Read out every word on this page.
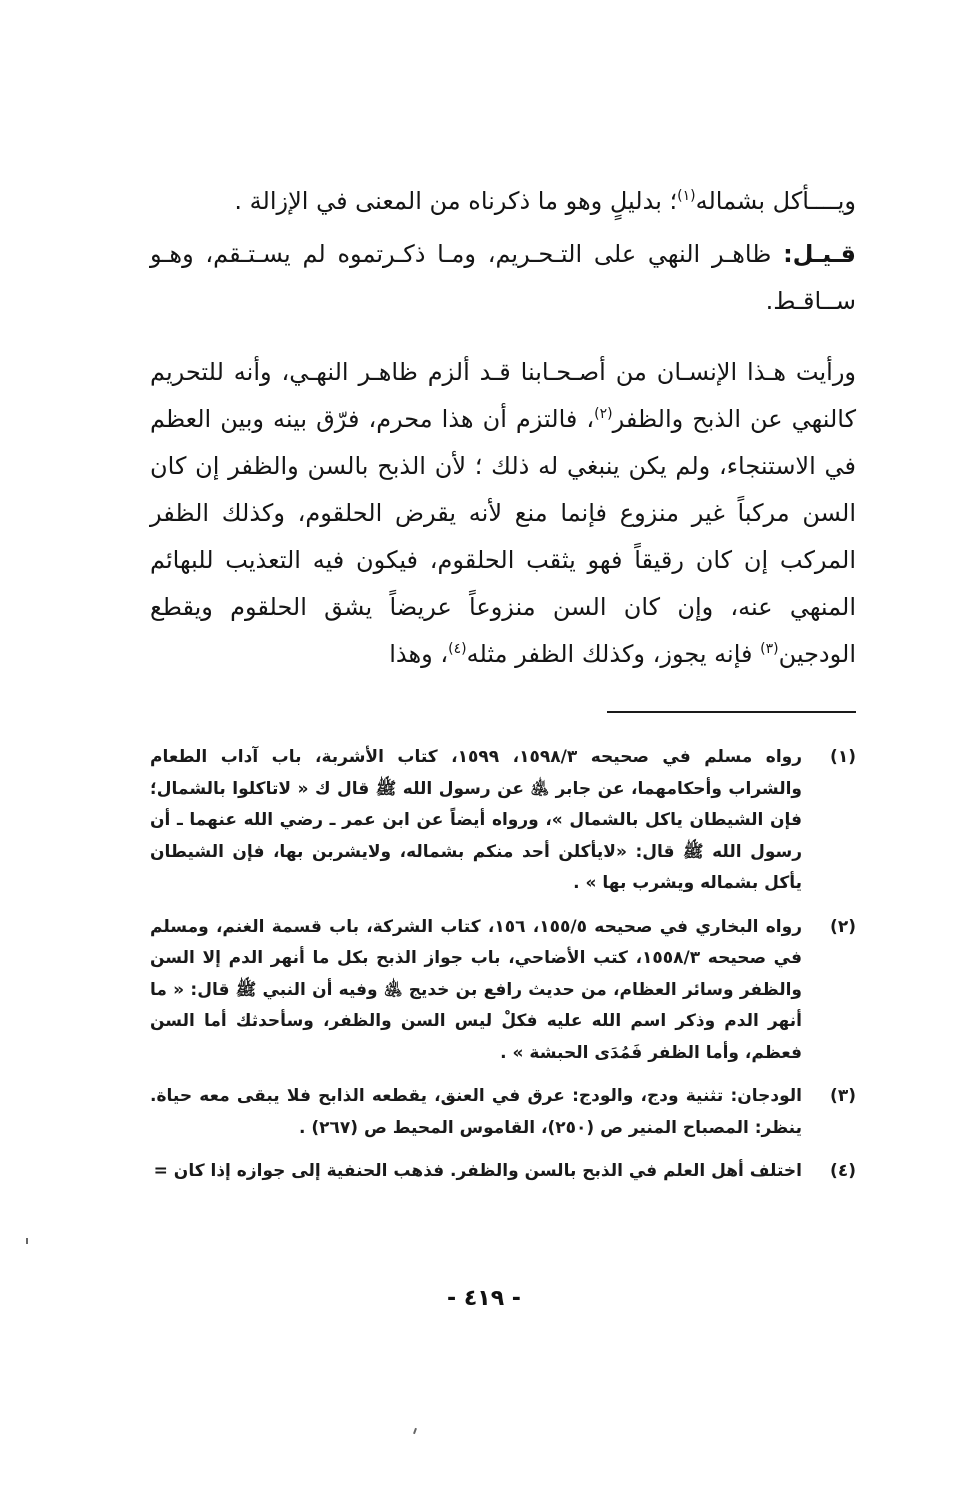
ويــــأكل بشماله$^{(١)}$؛ بدليلٍ وهو ما ذكرناه من المعنى في الإزالة .

قـيـل: ظاهـر النهي على التـحـريم، ومـا ذكـرتموه لم يسـتـقم، وهـو ســاقـط.

ورأيت هـذا الإنسـان من أصـحـابنا قـد ألزم ظاهـر النهـي، وأنه للتحريم كالنهي عن الذبح والظفر$^{(٢)}$، فالتزم أن هذا محرم، فرّق بينه وبين العظم في الاستنجاء، ولم يكن ينبغي له ذلك ؛ لأن الذبح بالسن والظفر إن كان السن مركباً غير منزوع فإنما منع لأنه يقرض الحلقوم، وكذلك الظفر المركب إن كان رقيقاً فهو يثقب الحلقوم، فيكون فيه التعذيب للبهائم المنهي عنه، وإن كان السن منزوعاً عريضاً يشق الحلقوم ويقطع الودجين$^{(٣)}$ فإنه يجوز، وكذلك الظفر مثله$^{(٤)}$، وهذا

(١)
رواه مسلم في صحيحه ١٥٩٨/٣، ١٥٩٩، كتاب الأشربة، باب آداب الطعام والشراب وأحكامهما، عن جابر ﵁ عن رسول الله ﷺ قال ك « لاتاكلوا بالشمال؛ فإن الشيطان ياكل بالشمال »، ورواه أيضاً عن ابن عمر ـ رضي الله عنهما ـ أن رسول الله ﷺ قال: «لايأكلن أحد منكم بشماله، ولايشربن بها، فإن الشيطان يأكل بشماله ويشرب بها » .
(٢)
رواه البخاري في صحيحه ١٥٥/٥، ١٥٦، كتاب الشركة، باب قسمة الغنم، ومسلم في صحيحه ١٥٥٨/٣، كتب الأضاحي، باب جواز الذبح بكل ما أنهر الدم إلا السن والظفر وسائر العظام، من حديث رافع بن خديج ﵁ وفيه أن النبي ﷺ قال: « ما أنهر الدم وذكر اسم الله عليه فكلْ ليس السن والظفر، وسأحدثك أما السن فعظم، وأما الظفر فَمُدَى الحبشة » .
(٣)
الودجان: تثنية ودج، والودج: عرق في العنق، يقطعه الذابح فلا يبقى معه حياة. ينظر: المصباح المنير ص (٢٥٠)، القاموس المحيط ص (٢٦٧) .
(٤)
اختلف أهل العلم في الذبح بالسن والظفر. فذهب الحنفية إلى جوازه إذا كان =
- ٤١٩ -
